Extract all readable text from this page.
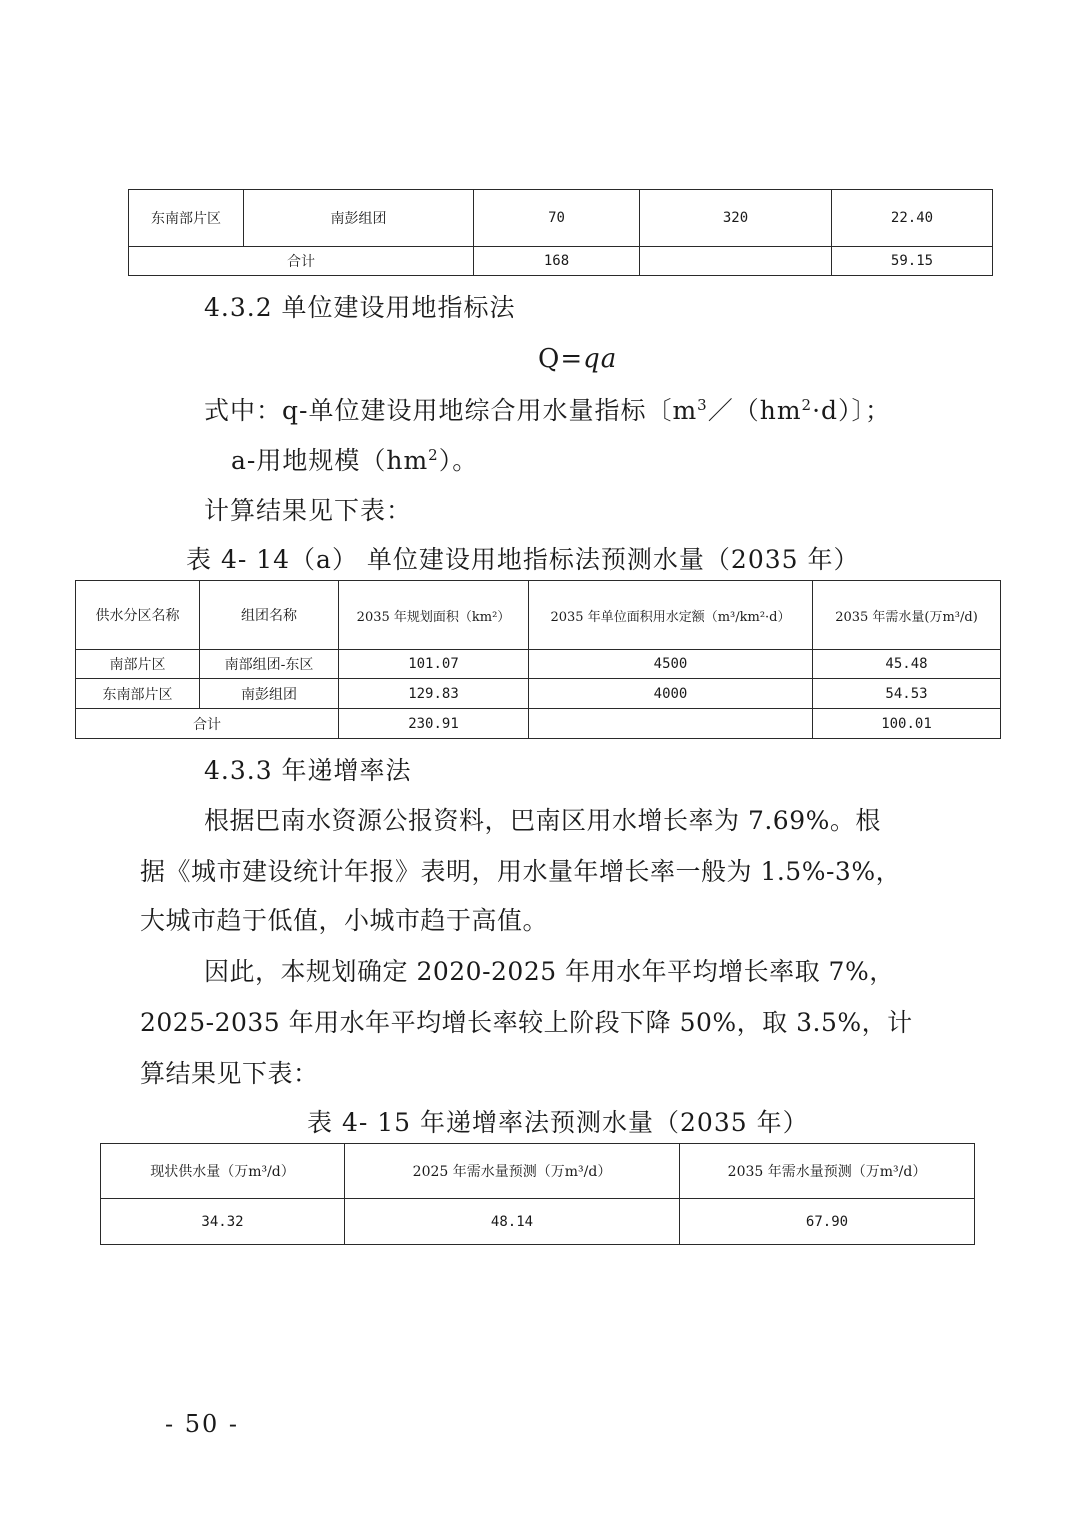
东南部片区	南彭组团	70	320	22.40
合计		168		59.15
4.3.2 单位建设用地指标法
Q=qa
式中：q-单位建设用地综合用水量指标〔$m^3/(hm^2\cdot d)$〕；
a-用地规模$(hm^2)$。
计算结果见下表：
表 4- 14（a） 单位建设用地指标法预测水量（2035 年）
供水分区名称	组团名称	2035 年规划面积（km²）	2035 年单位面积用水定额（m³/km²·d）	2035 年需水量(万m³/d)
南部片区	南部组团-东区	101.07	4500	45.48
东南部片区	南彭组团	129.83	4000	54.53
合计		230.91		100.01
4.3.3 年递增率法
根据巴南水资源公报资料，巴南区用水增长率为 7.69%。根
据《城市建设统计年报》表明，用水量年增长率一般为 1.5%-3%，
大城市趋于低值，小城市趋于高值。
因此，本规划确定 2020-2025 年用水年平均增长率取 7%，
2025-2035 年用水年平均增长率较上阶段下降 50%，取 3.5%，计
算结果见下表：
表 4- 15 年递增率法预测水量（2035 年）
现状供水量（万m³/d）	2025 年需水量预测（万m³/d）	2035 年需水量预测（万m³/d）
34.32	48.14	67.90
- 50 -
